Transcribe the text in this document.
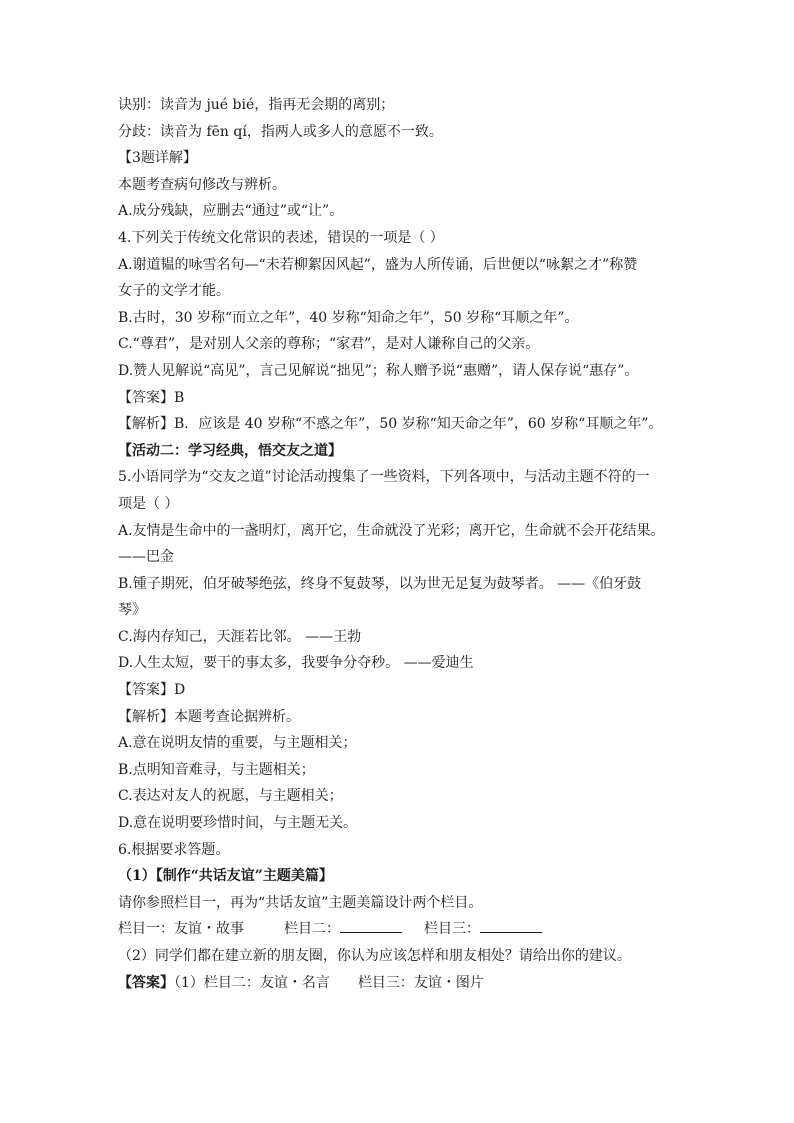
诀别：读音为 jué bié，指再无会期的离别；
分歧：读音为 fēn qí，指两人或多人的意愿不一致。
【3题详解】
本题考查病句修改与辨析。
A.成分残缺，应删去“通过”或“让”。
4.下列关于传统文化常识的表述，错误的一项是（ ）
A.谢道韫的咏雪名句—“未若柳絮因风起”，盛为人所传诵，后世便以“咏絮之才”称赞
女子的文学才能。
B.古时，30 岁称“而立之年”，40 岁称“知命之年”，50 岁称“耳顺之年”。
C.“尊君”，是对别人父亲的尊称；“家君”，是对人谦称自己的父亲。
D.赞人见解说“高见”，言己见解说“拙见”；称人赠予说“惠赠”，请人保存说“惠存”。
【答案】B
【解析】B．应该是 40 岁称“不惑之年”，50 岁称“知天命之年”，60 岁称“耳顺之年”。
【活动二：学习经典，悟交友之道】
5.小语同学为“交友之道”讨论活动搜集了一些资料，下列各项中，与活动主题不符的一
项是（ ）
A.友情是生命中的一盏明灯，离开它，生命就没了光彩；离开它，生命就不会开花结果。
——巴金
B.锺子期死，伯牙破琴绝弦，终身不复鼓琴，以为世无足复为鼓琴者。 ——《伯牙鼓
琴》
C.海内存知己，天涯若比邻。 ——王勃
D.人生太短，要干的事太多，我要争分夺秒。 ——爱迪生
【答案】D
【解析】本题考查论据辨析。
A.意在说明友情的重要，与主题相关；
B.点明知音难寻，与主题相关；
C.表达对友人的祝愿，与主题相关；
D.意在说明要珍惜时间，与主题无关。
6.根据要求答题。
（1）【制作“共话友谊”主题美篇】
请你参照栏目一，再为“共话友谊”主题美篇设计两个栏目。
栏目一：友谊・故事	栏目二：	栏目三：
（2）同学们都在建立新的朋友圈，你认为应该怎样和朋友相处？请给出你的建议。
【答案】（1）栏目二：友谊・名言 栏目三：友谊・图片
